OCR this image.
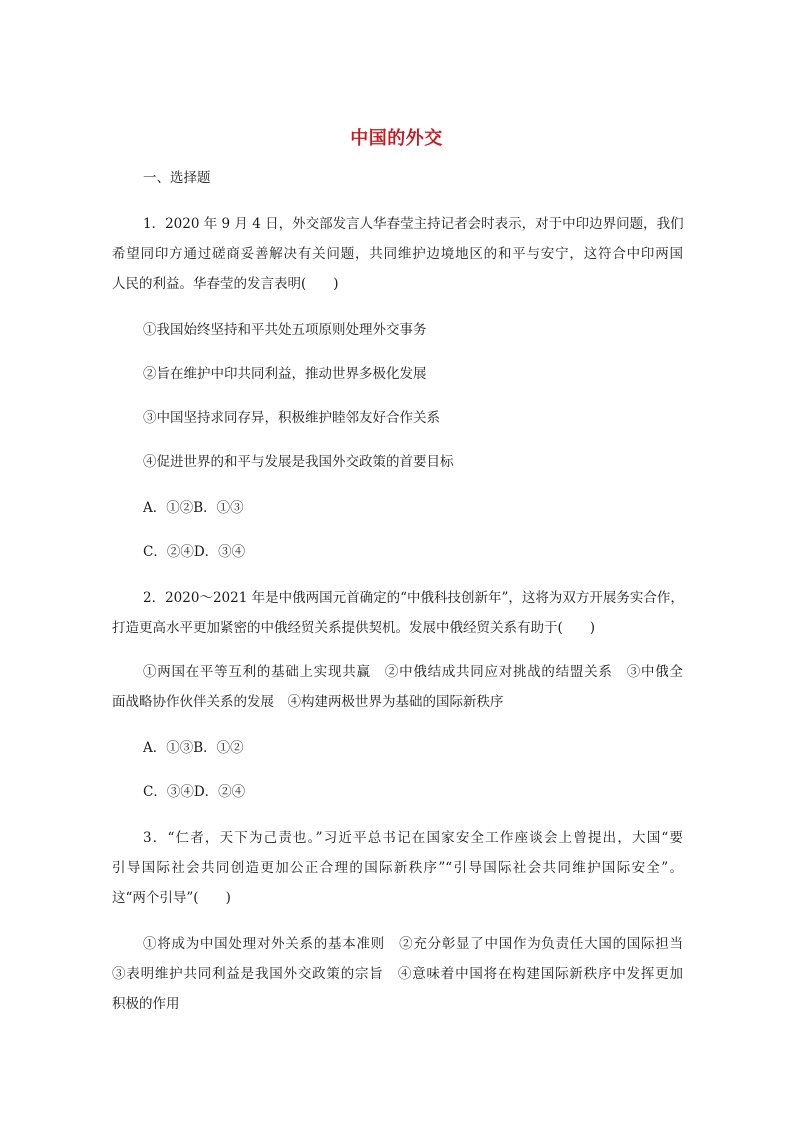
中国的外交
一、选择题
1．2020 年 9 月 4 日，外交部发言人华春莹主持记者会时表示，对于中印边界问题，我们
希望同印方通过磋商妥善解决有关问题，共同维护边境地区的和平与安宁，这符合中印两国
人民的利益。华春莹的发言表明(　　)
①我国始终坚持和平共处五项原则处理外交事务
②旨在维护中印共同利益，推动世界多极化发展
③中国坚持求同存异，积极维护睦邻友好合作关系
④促进世界的和平与发展是我国外交政策的首要目标
A．①②B．①③
C．②④D．③④
2．2020～2021 年是中俄两国元首确定的“中俄科技创新年”，这将为双方开展务实合作，
打造更高水平更加紧密的中俄经贸关系提供契机。发展中俄经贸关系有助于(　　)
①两国在平等互利的基础上实现共赢　②中俄结成共同应对挑战的结盟关系　③中俄全
面战略协作伙伴关系的发展　④构建两极世界为基础的国际新秩序
A．①③B．①②
C．③④D．②④
3．“仁者，天下为己责也。”习近平总书记在国家安全工作座谈会上曾提出，大国“要
引导国际社会共同创造更加公正合理的国际新秩序”“引导国际社会共同维护国际安全”。
这“两个引导”(　　)
①将成为中国处理对外关系的基本准则　②充分彰显了中国作为负责任大国的国际担当
③表明维护共同利益是我国外交政策的宗旨　④意味着中国将在构建国际新秩序中发挥更加
积极的作用
